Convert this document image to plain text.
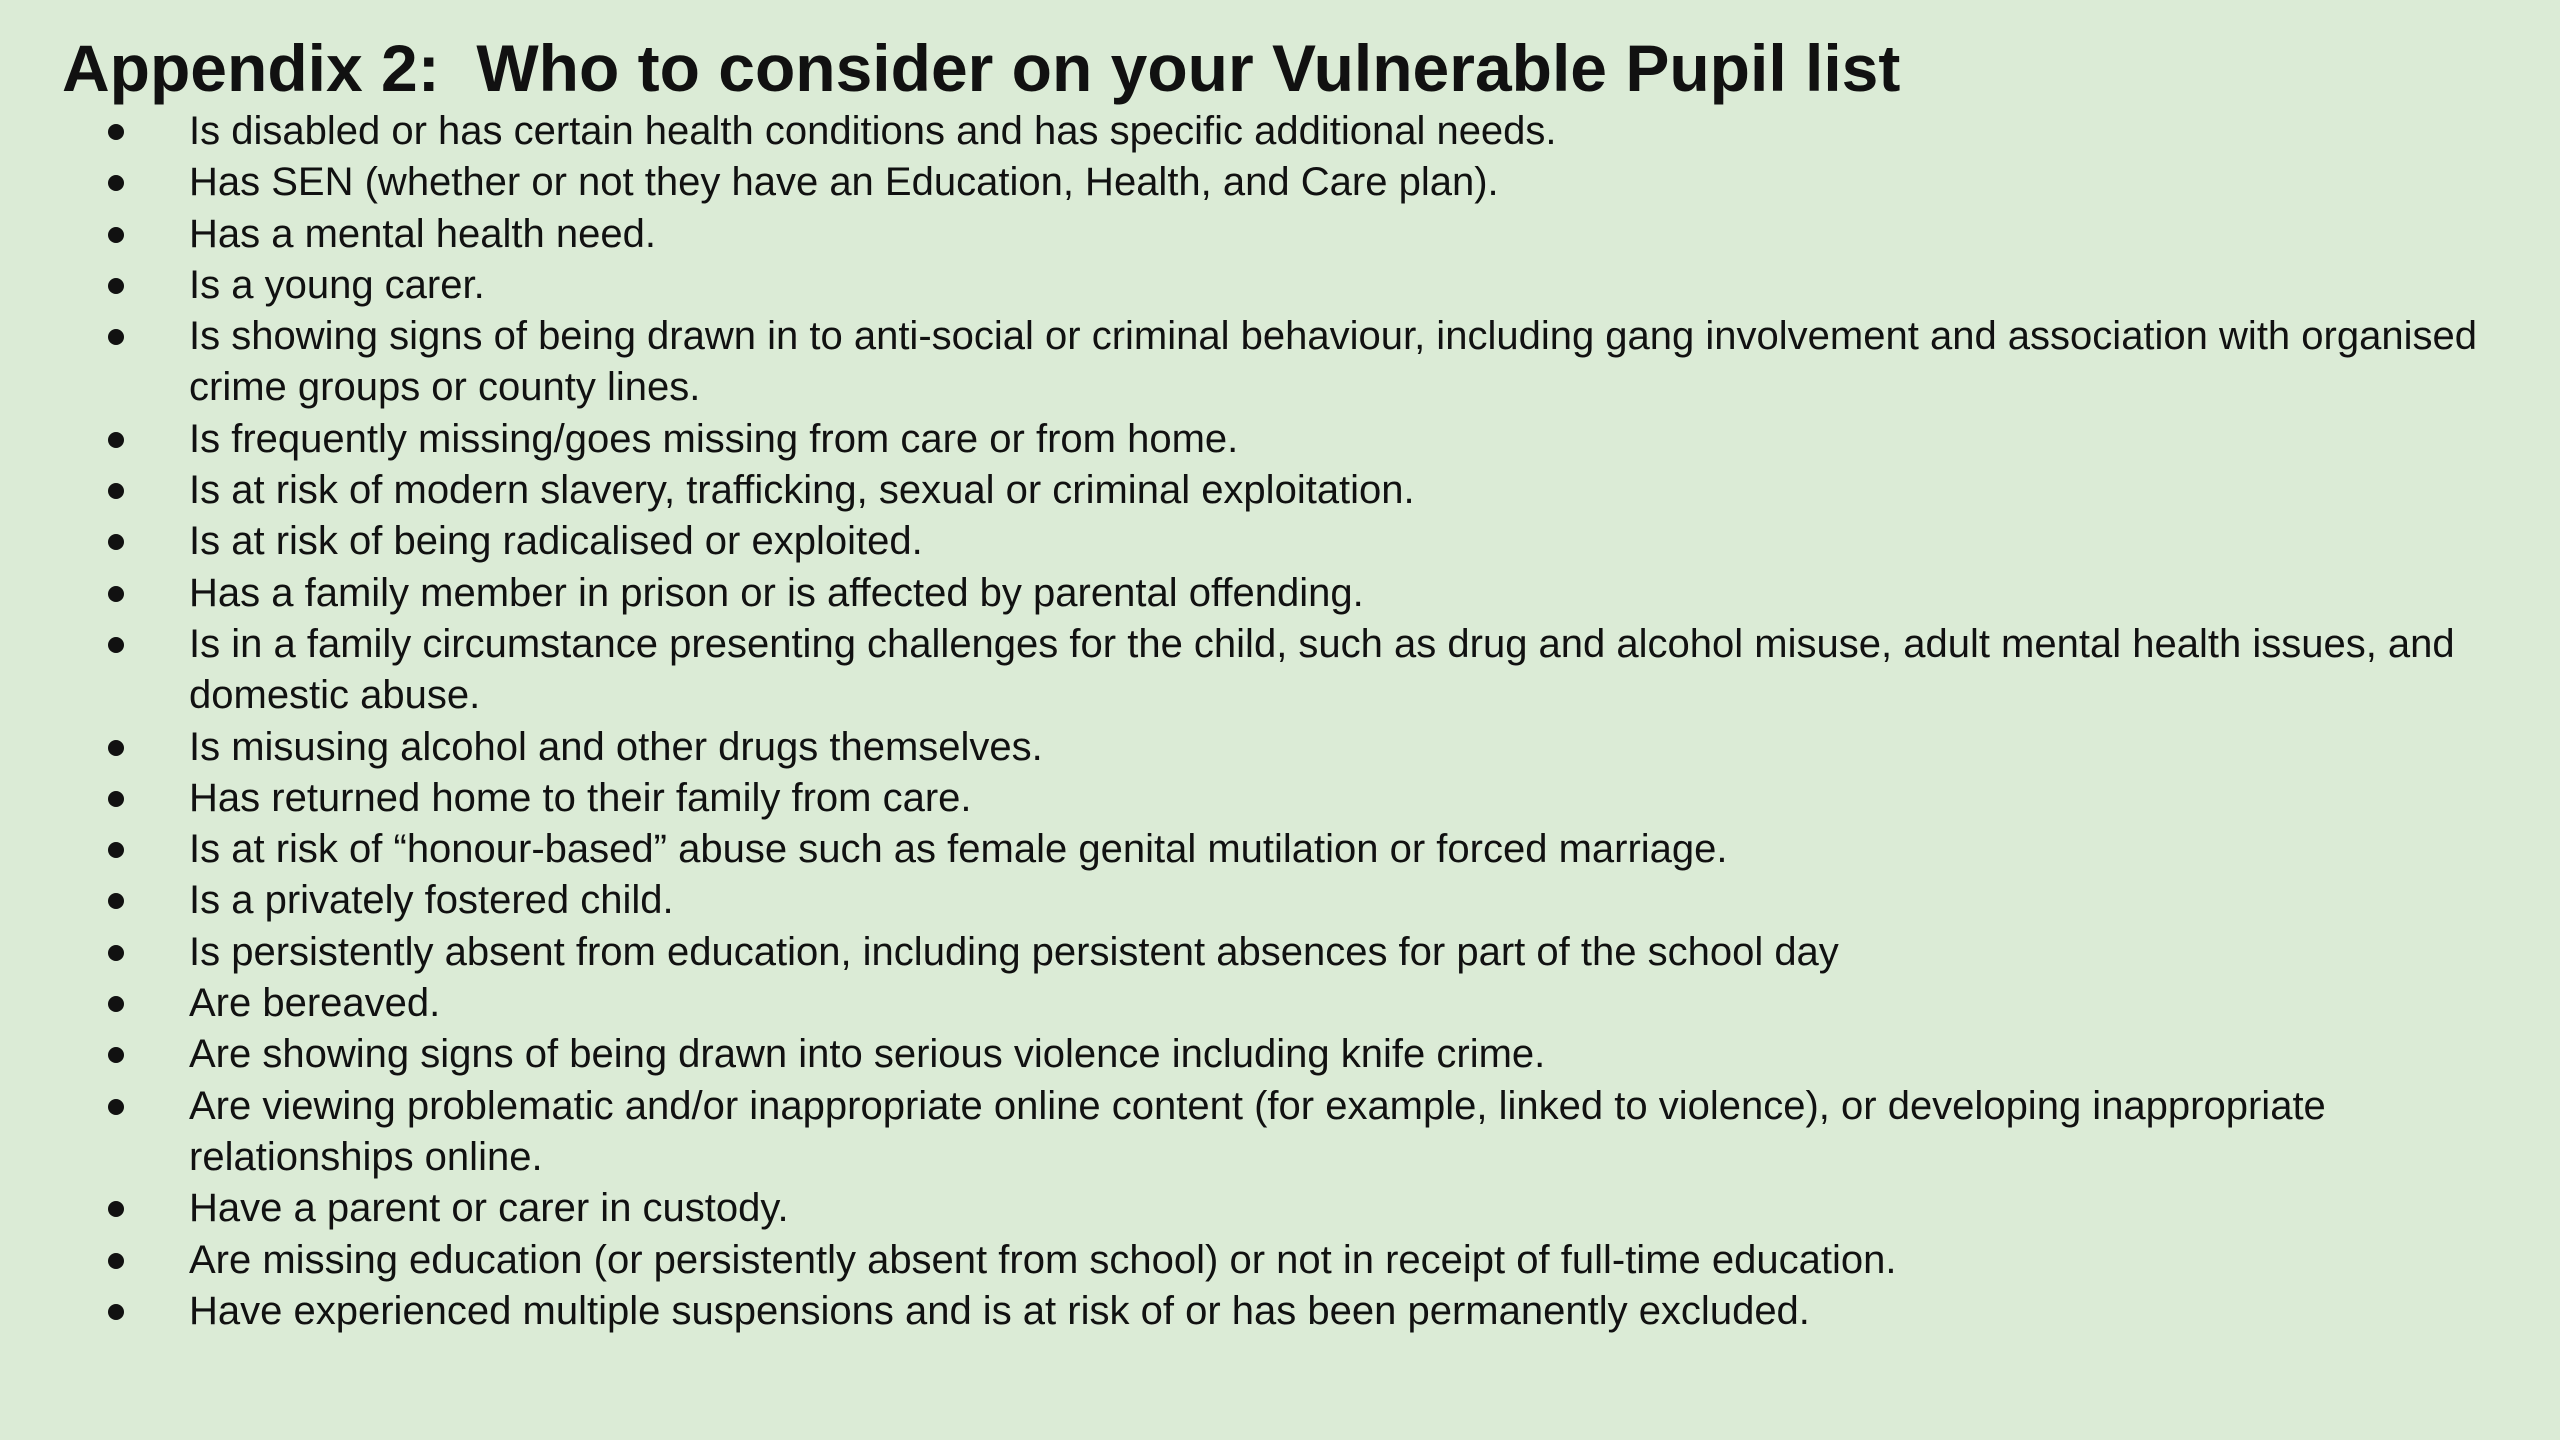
Appendix 2:  Who to consider on your Vulnerable Pupil list
Is disabled or has certain health conditions and has specific additional needs.
Has SEN (whether or not they have an Education, Health, and Care plan).
Has a mental health need.
Is a young carer.
Is showing signs of being drawn in to anti-social or criminal behaviour, including gang involvement and association with organised crime groups or county lines.
Is frequently missing/goes missing from care or from home.
Is at risk of modern slavery, trafficking, sexual or criminal exploitation.
Is at risk of being radicalised or exploited.
Has a family member in prison or is affected by parental offending.
Is in a family circumstance presenting challenges for the child, such as drug and alcohol misuse, adult mental health issues, and domestic abuse.
Is misusing alcohol and other drugs themselves.
Has returned home to their family from care.
Is at risk of “honour-based” abuse such as female genital mutilation or forced marriage.
Is a privately fostered child.
Is persistently absent from education, including persistent absences for part of the school day
Are bereaved.
Are showing signs of being drawn into serious violence including knife crime.
Are viewing problematic and/or inappropriate online content (for example, linked to violence), or developing inappropriate relationships online.
Have a parent or carer in custody.
Are missing education (or persistently absent from school) or not in receipt of full-time education.
Have experienced multiple suspensions and is at risk of or has been permanently excluded.
